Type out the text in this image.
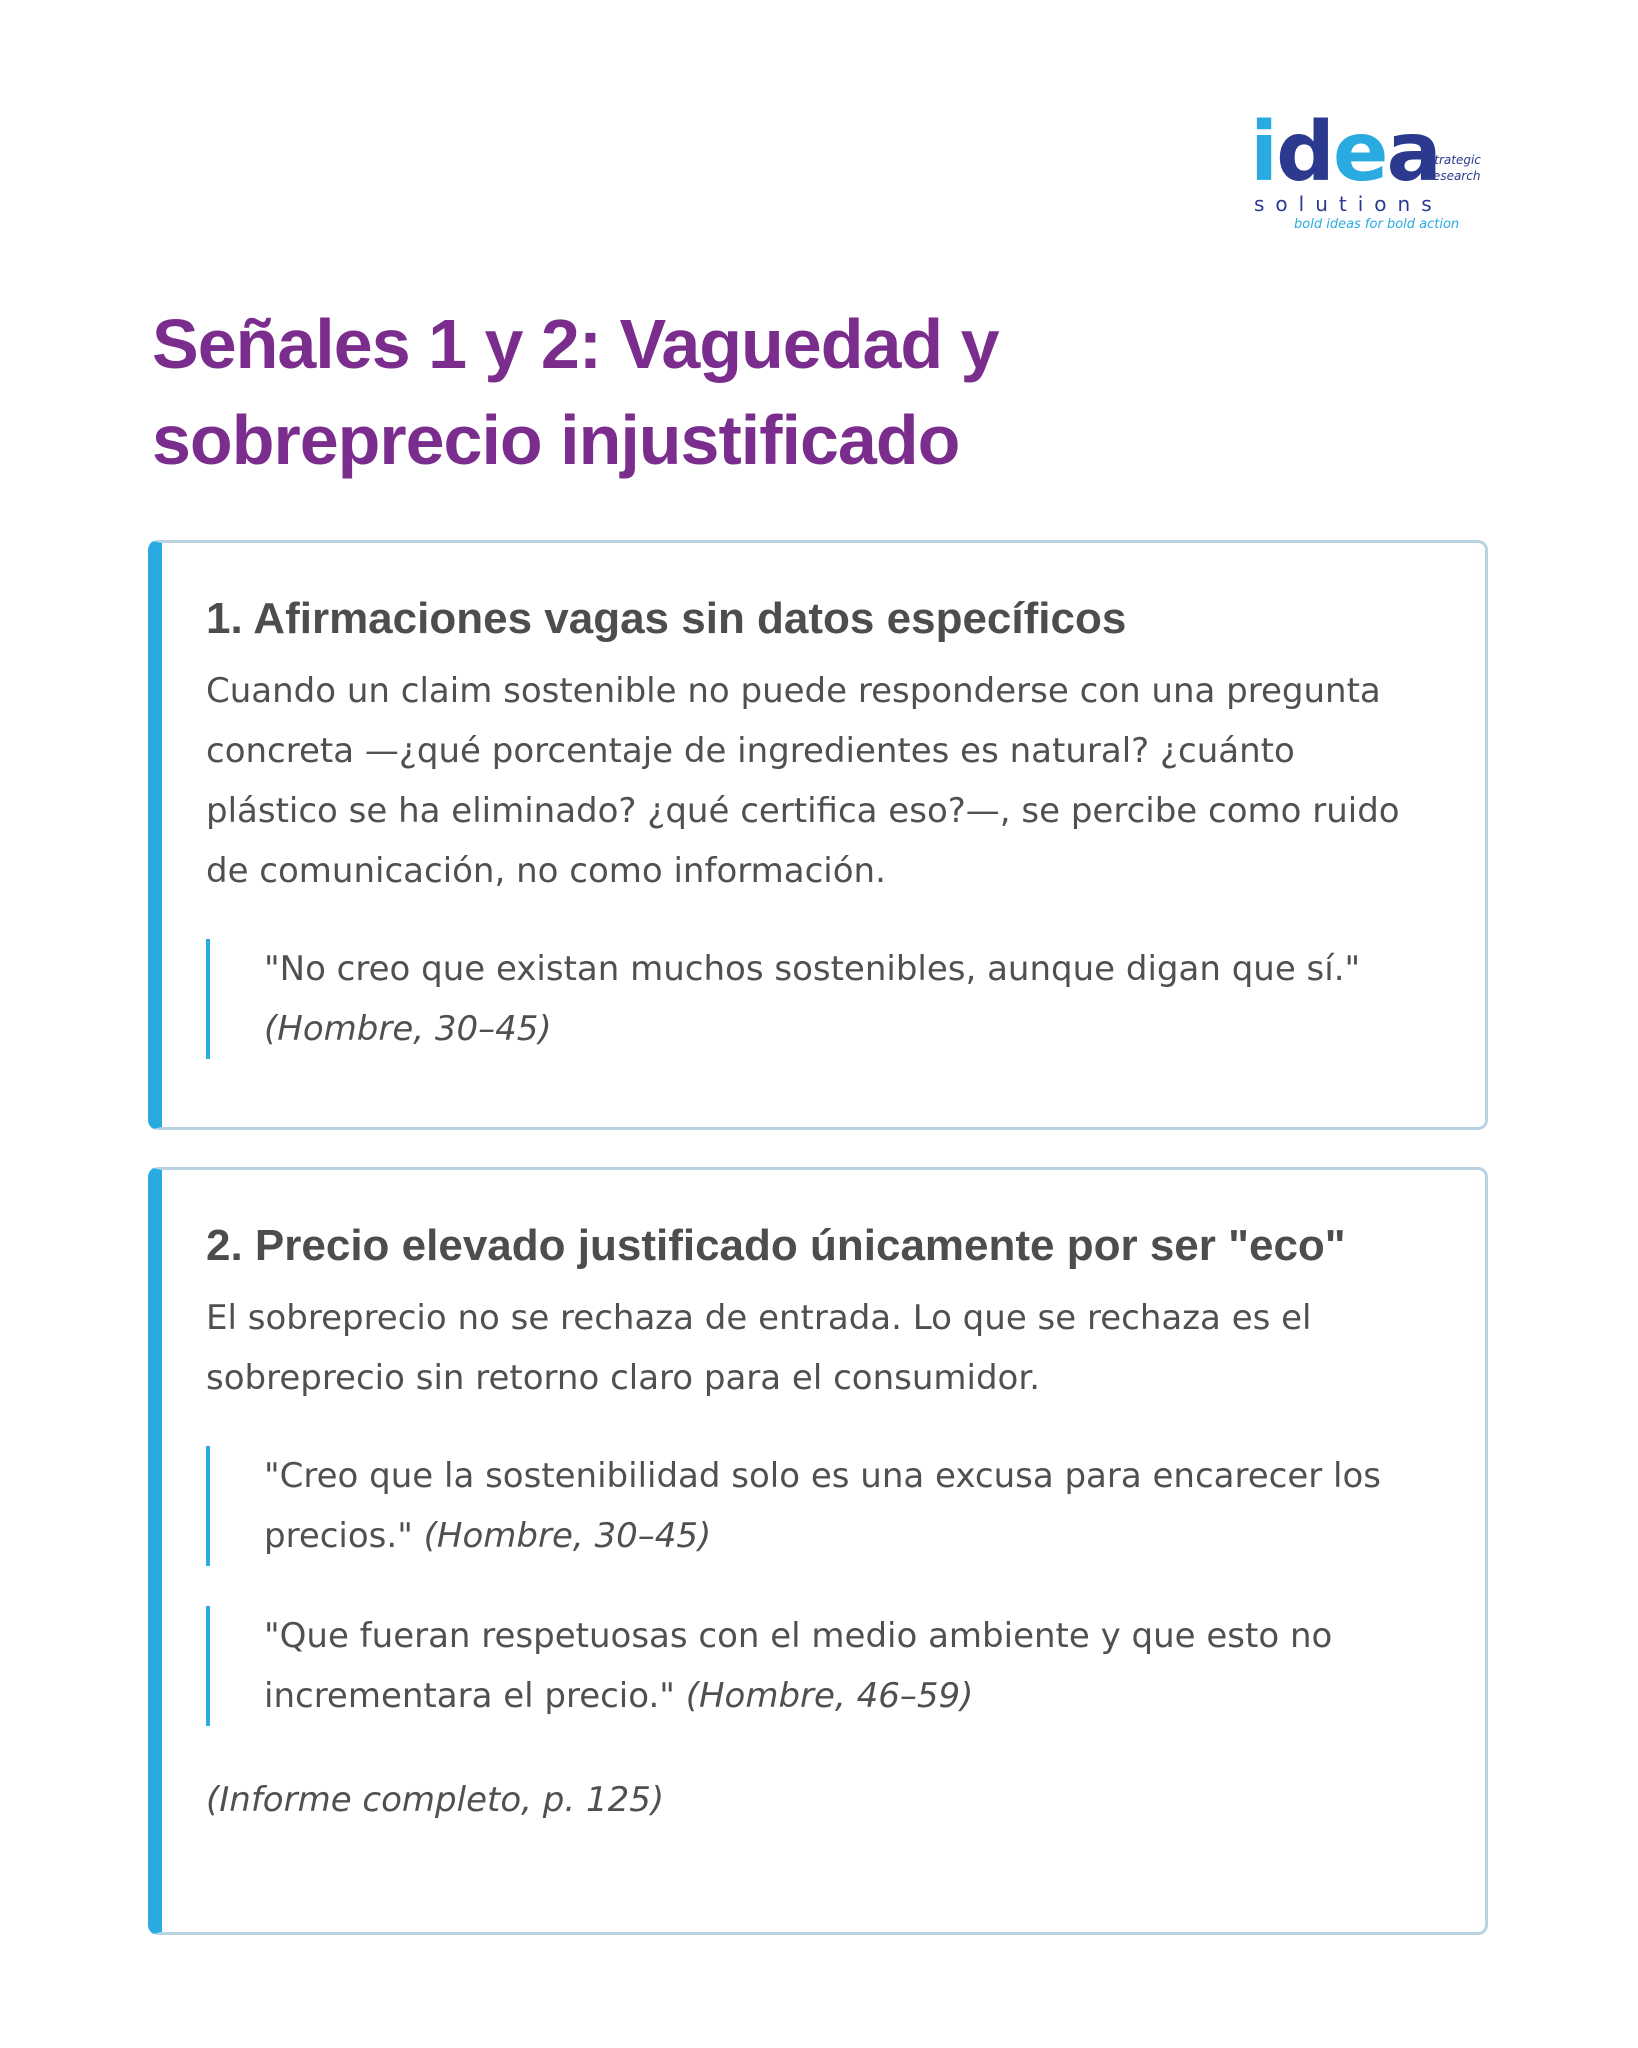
idea
strategic
research
solutions
bold ideas for bold action
Señales 1 y 2: Vaguedad y sobreprecio injustificado
1. Afirmaciones vagas sin datos específicos

Cuando un claim sostenible no puede responderse con una pregunta concreta —¿qué porcentaje de ingredientes es natural? ¿cuánto plástico se ha eliminado? ¿qué certifica eso?—, se percibe como ruido de comunicación, no como información.

"No creo que existan muchos sostenibles, aunque digan que sí." (Hombre, 30–45)
2. Precio elevado justificado únicamente por ser "eco"

El sobreprecio no se rechaza de entrada. Lo que se rechaza es el sobreprecio sin retorno claro para el consumidor.

"Creo que la sostenibilidad solo es una excusa para encarecer los precios." (Hombre, 30–45)
"Que fueran respetuosas con el medio ambiente y que esto no incrementara el precio." (Hombre, 46–59)

(Informe completo, p. 125)
